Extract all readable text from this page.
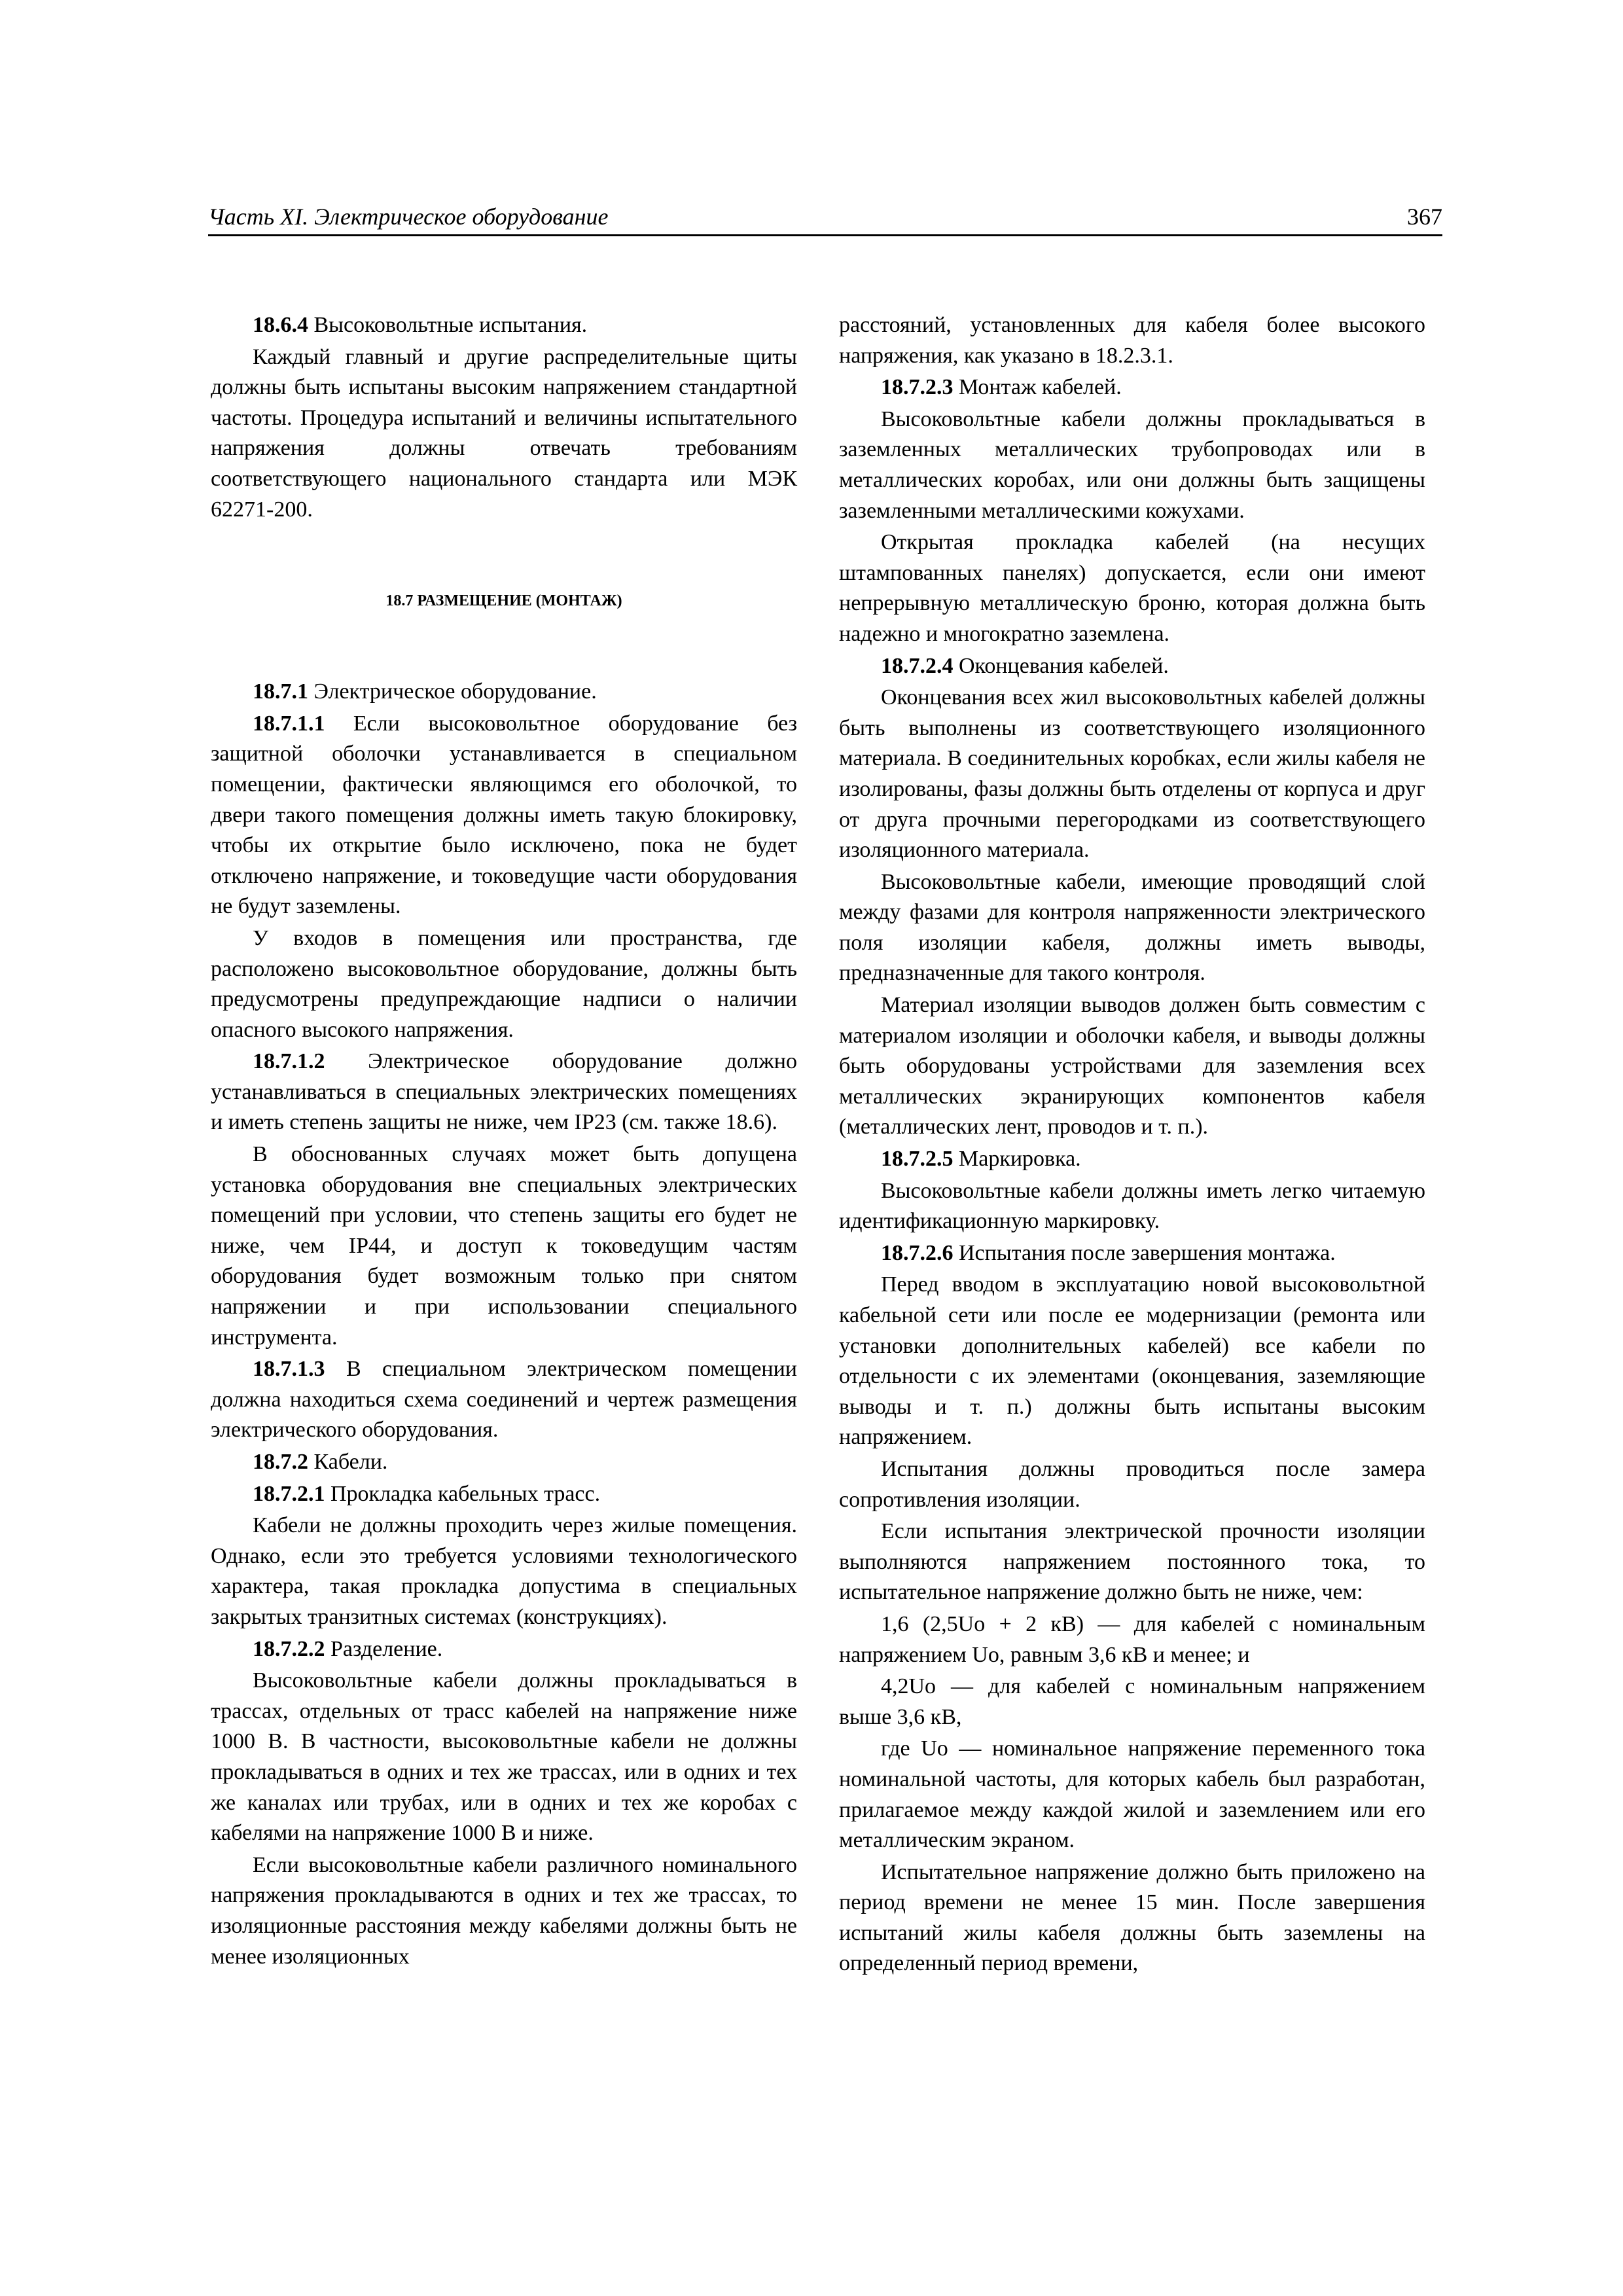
Часть XI. Электрическое оборудование	367

18.6.4 Высоковольтные испытания.

Каждый главный и другие распределительные щиты должны быть испытаны высоким напряжением стандартной частоты. Процедура испытаний и величины испытательного напряжения должны отвечать требованиям соответствующего национального стандарта или МЭК 62271-200.

18.7 РАЗМЕЩЕНИЕ (МОНТАЖ)

18.7.1 Электрическое оборудование.

18.7.1.1 Если высоковольтное оборудование без защитной оболочки устанавливается в специальном помещении, фактически являющимся его оболочкой, то двери такого помещения должны иметь такую блокировку, чтобы их открытие было исключено, пока не будет отключено напряжение, и токоведущие части оборудования не будут заземлены.

У входов в помещения или пространства, где расположено высоковольтное оборудование, должны быть предусмотрены предупреждающие надписи о наличии опасного высокого напряжения.

18.7.1.2 Электрическое оборудование должно устанавливаться в специальных электрических помещениях и иметь степень защиты не ниже, чем IP23 (см. также 18.6).

В обоснованных случаях может быть допущена установка оборудования вне специальных электрических помещений при условии, что степень защиты его будет не ниже, чем IP44, и доступ к токоведущим частям оборудования будет возможным только при снятом напряжении и при использовании специального инструмента.

18.7.1.3 В специальном электрическом помещении должна находиться схема соединений и чертеж размещения электрического оборудования.

18.7.2 Кабели.

18.7.2.1 Прокладка кабельных трасс.

Кабели не должны проходить через жилые помещения. Однако, если это требуется условиями технологического характера, такая прокладка допустима в специальных закрытых транзитных системах (конструкциях).

18.7.2.2 Разделение.

Высоковольтные кабели должны прокладываться в трассах, отдельных от трасс кабелей на напряжение ниже 1000 В. В частности, высоковольтные кабели не должны прокладываться в одних и тех же трассах, или в одних и тех же каналах или трубах, или в одних и тех же коробах с кабелями на напряжение 1000 В и ниже.

Если высоковольтные кабели различного номинального напряжения прокладываются в одних и тех же трассах, то изоляционные расстояния между кабелями должны быть не менее изоляционных

расстояний, установленных для кабеля более высокого напряжения, как указано в 18.2.3.1.

18.7.2.3 Монтаж кабелей.

Высоковольтные кабели должны прокладываться в заземленных металлических трубопроводах или в металлических коробах, или они должны быть защищены заземленными металлическими кожухами.

Открытая прокладка кабелей (на несущих штампованных панелях) допускается, если они имеют непрерывную металлическую броню, которая должна быть надежно и многократно заземлена.

18.7.2.4 Оконцевания кабелей.

Оконцевания всех жил высоковольтных кабелей должны быть выполнены из соответствующего изоляционного материала. В соединительных коробках, если жилы кабеля не изолированы, фазы должны быть отделены от корпуса и друг от друга прочными перегородками из соответствующего изоляционного материала.

Высоковольтные кабели, имеющие проводящий слой между фазами для контроля напряженности электрического поля изоляции кабеля, должны иметь выводы, предназначенные для такого контроля.

Материал изоляции выводов должен быть совместим с материалом изоляции и оболочки кабеля, и выводы должны быть оборудованы устройствами для заземления всех металлических экранирующих компонентов кабеля (металлических лент, проводов и т. п.).

18.7.2.5 Маркировка.

Высоковольтные кабели должны иметь легко читаемую идентификационную маркировку.

18.7.2.6 Испытания после завершения монтажа.

Перед вводом в эксплуатацию новой высоковольтной кабельной сети или после ее модернизации (ремонта или установки дополнительных кабелей) все кабели по отдельности с их элементами (оконцевания, заземляющие выводы и т. п.) должны быть испытаны высоким напряжением.

Испытания должны проводиться после замера сопротивления изоляции.

Если испытания электрической прочности изоляции выполняются напряжением постоянного тока, то испытательное напряжение должно быть не ниже, чем:

1,6 (2,5Uo + 2 кВ) — для кабелей с номинальным напряжением Uo, равным 3,6 кВ и менее; и

4,2Uo — для кабелей с номинальным напряжением выше 3,6 кВ,

где Uo — номинальное напряжение переменного тока номинальной частоты, для которых кабель был разработан, прилагаемое между каждой жилой и заземлением или его металлическим экраном.

Испытательное напряжение должно быть приложено на период времени не менее 15 мин. После завершения испытаний жилы кабеля должны быть заземлены на определенный период времени,
